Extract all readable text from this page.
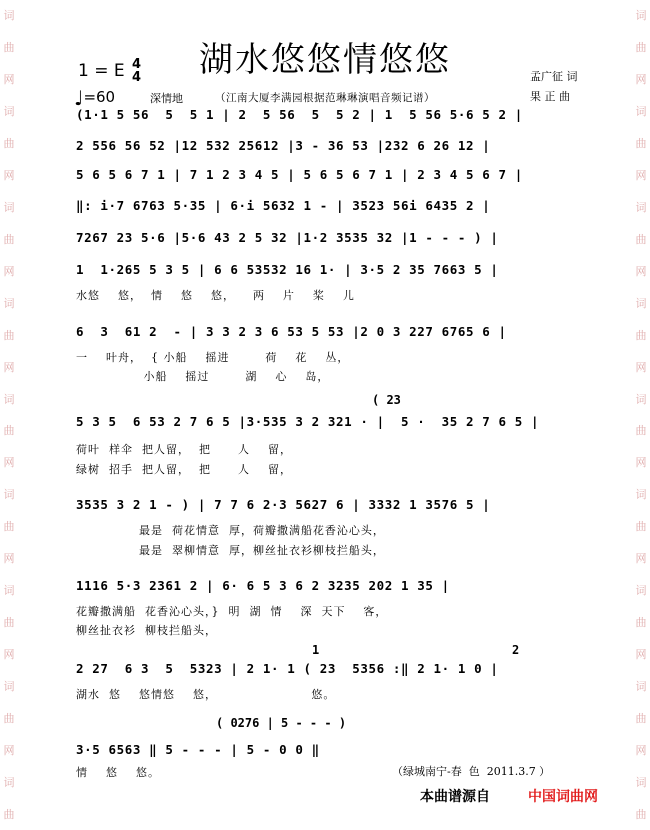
词
曲
网
词
曲
网
词
曲
网
词
曲
网
词
曲
网
词
曲
网
词
曲
网
词
曲
网
词
曲
词
曲
网
词
曲
网
词
曲
网
词
曲
网
词
曲
网
词
曲
网
词
曲
网
词
曲
网
词
曲
湖水悠悠情悠悠
1 = E 4
4
♩=60	深情地	（江南大厦李满园根据范琳琳演唱音频记谱）
孟广征 词
果 正 曲
(1·1 5 56  5  5 1 | 2  5 56  5  5 2 | 1  5 56 5·6 5 2 |
2 556 56 52 |12 532 25612 |3 - 36 53 |232 6 26 12 |
5 6 5 6 7 1 | 7 1 2 3 4 5 | 5 6 5 6 7 1 | 2 3 4 5 6 7 |
‖: i·7 6763 5·35 | 6·i 5632 1 - | 3523 56i 6435 2 |
7267 23 5·6 |5·6 43 2 5 32 |1·2 3535 32 |1 - - - ) |
1  1·265 5 3 5 | 6 6 53532 16 1· | 3·5 2 35 7663 5 |
水悠    悠，  情    悠    悠，    两    片    桨    儿
6  3  61 2  - | 3 3 2 3 6 53 5 53 |2 0 3 227 6765 6 |
一    叶舟，  { 小船    摇进        荷    花    丛，
小船    摇过        湖    心    岛，
( 23
5 3 5  6 53 2 7 6 5 |3·535 3 2 321 · |  5 ·  35 2 7 6 5 |
荷叶  样伞  把人留，  把      人    留，
绿树  招手  把人留，  把      人    留，
3535 3 2 1 - ) | 7 7 6 2·3 5627 6 | 3332 1 3576 5 |
最是  荷花情意  厚，荷瓣撒满船花香沁心头，
最是  翠柳情意  厚，柳丝扯衣衫柳枝拦船头，
1116 5·3 2361 2 | 6· 6 5 3 6 2 3235 202 1 35 |
花瓣撒满船  花香沁心头，}  明  湖  情    深  天下    客，
柳丝扯衣衫  柳枝拦船头，
1	2
2 27  6 3  5  5323 | 2 1· 1 ( 23  5356 :‖ 2 1· 1 0 |
湖水  悠    悠情悠    悠，                     悠。
( 0276 | 5 - - - )
3·5 6563 ‖ 5 - - - | 5 - 0 0 ‖
情    悠    悠。	（绿城南宁-春  色  2011.3.7 ）
本曲谱源自	中国词曲网
